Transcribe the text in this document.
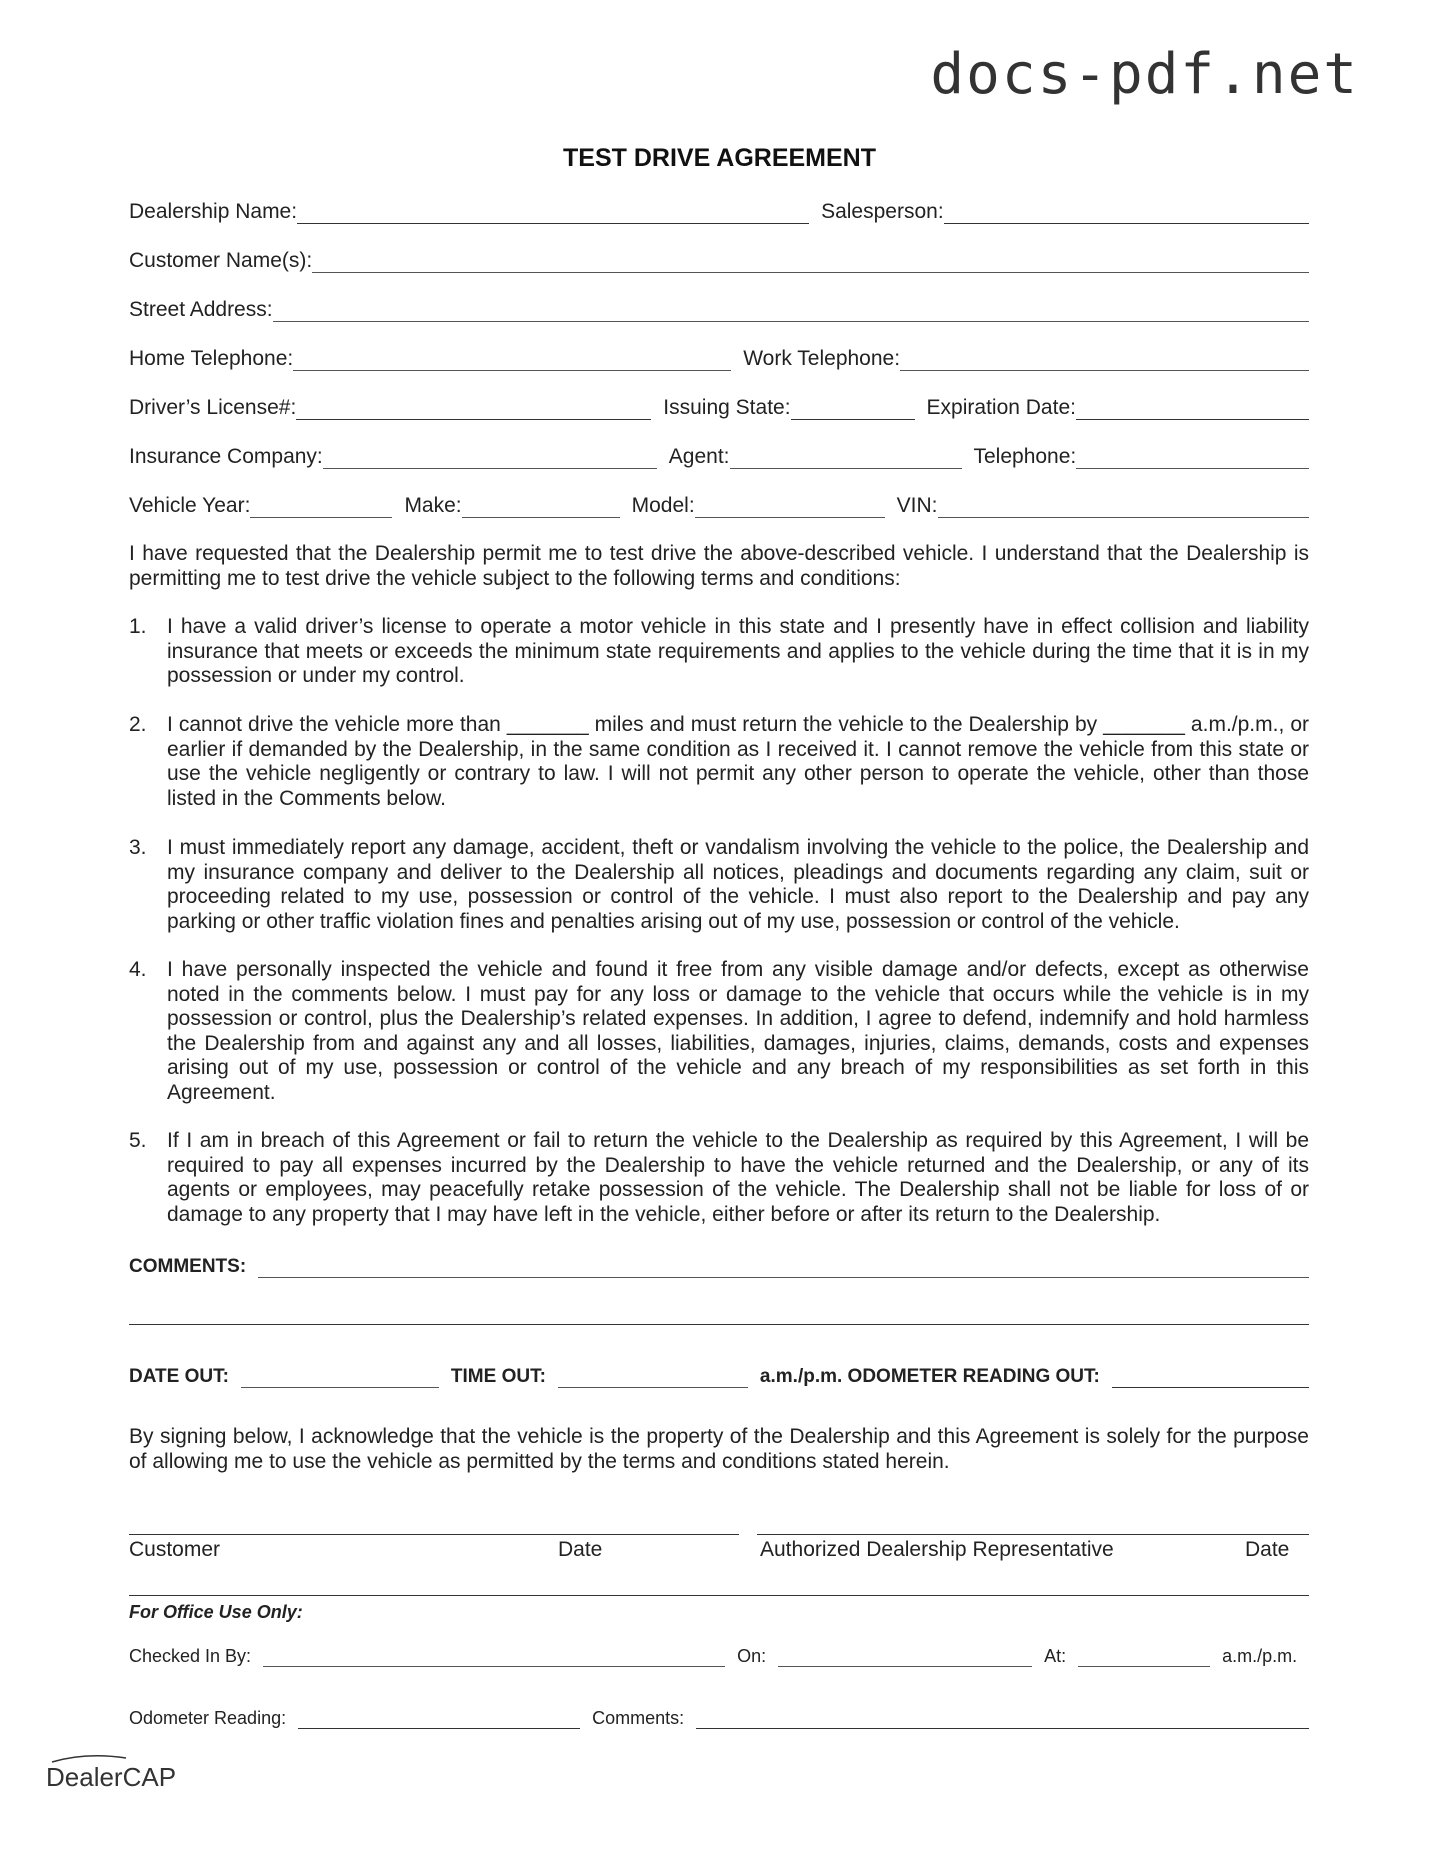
docs-pdf.net
TEST DRIVE AGREEMENT
Dealership Name:	Salesperson:
Customer Name(s):
Street Address:
Home Telephone:	Work Telephone:
Driver’s License#:	Issuing State:	Expiration Date:
Insurance Company:	Agent:	Telephone:
Vehicle Year:	Make:	Model:	VIN:
I have requested that the Dealership permit me to test drive the above-described vehicle. I understand that the Dealership is permitting me to test drive the vehicle subject to the following terms and conditions:
1. I have a valid driver’s license to operate a motor vehicle in this state and I presently have in effect collision and liability insurance that meets or exceeds the minimum state requirements and applies to the vehicle during the time that it is in my possession or under my control.
2. I cannot drive the vehicle more than _______ miles and must return the vehicle to the Dealership by _______ a.m./p.m., or earlier if demanded by the Dealership, in the same condition as I received it. I cannot remove the vehicle from this state or use the vehicle negligently or contrary to law. I will not permit any other person to operate the vehicle, other than those listed in the Comments below.
3. I must immediately report any damage, accident, theft or vandalism involving the vehicle to the police, the Dealership and my insurance company and deliver to the Dealership all notices, pleadings and documents regarding any claim, suit or proceeding related to my use, possession or control of the vehicle. I must also report to the Dealership and pay any parking or other traffic violation fines and penalties arising out of my use, possession or control of the vehicle.
4. I have personally inspected the vehicle and found it free from any visible damage and/or defects, except as otherwise noted in the comments below. I must pay for any loss or damage to the vehicle that occurs while the vehicle is in my possession or control, plus the Dealership’s related expenses. In addition, I agree to defend, indemnify and hold harmless the Dealership from and against any and all losses, liabilities, damages, injuries, claims, demands, costs and expenses arising out of my use, possession or control of the vehicle and any breach of my responsibilities as set forth in this Agreement.
5. If I am in breach of this Agreement or fail to return the vehicle to the Dealership as required by this Agreement, I will be required to pay all expenses incurred by the Dealership to have the vehicle returned and the Dealership, or any of its agents or employees, may peacefully retake possession of the vehicle. The Dealership shall not be liable for loss of or damage to any property that I may have left in the vehicle, either before or after its return to the Dealership.
COMMENTS:
DATE OUT:	TIME OUT:	a.m./p.m. ODOMETER READING OUT:
By signing below, I acknowledge that the vehicle is the property of the Dealership and this Agreement is solely for the purpose of allowing me to use the vehicle as permitted by the terms and conditions stated herein.
Customer	Date	Authorized Dealership Representative	Date
For Office Use Only:
Checked In By:	On:	At:	a.m./p.m.
Odometer Reading:	Comments:
DealerCAP
